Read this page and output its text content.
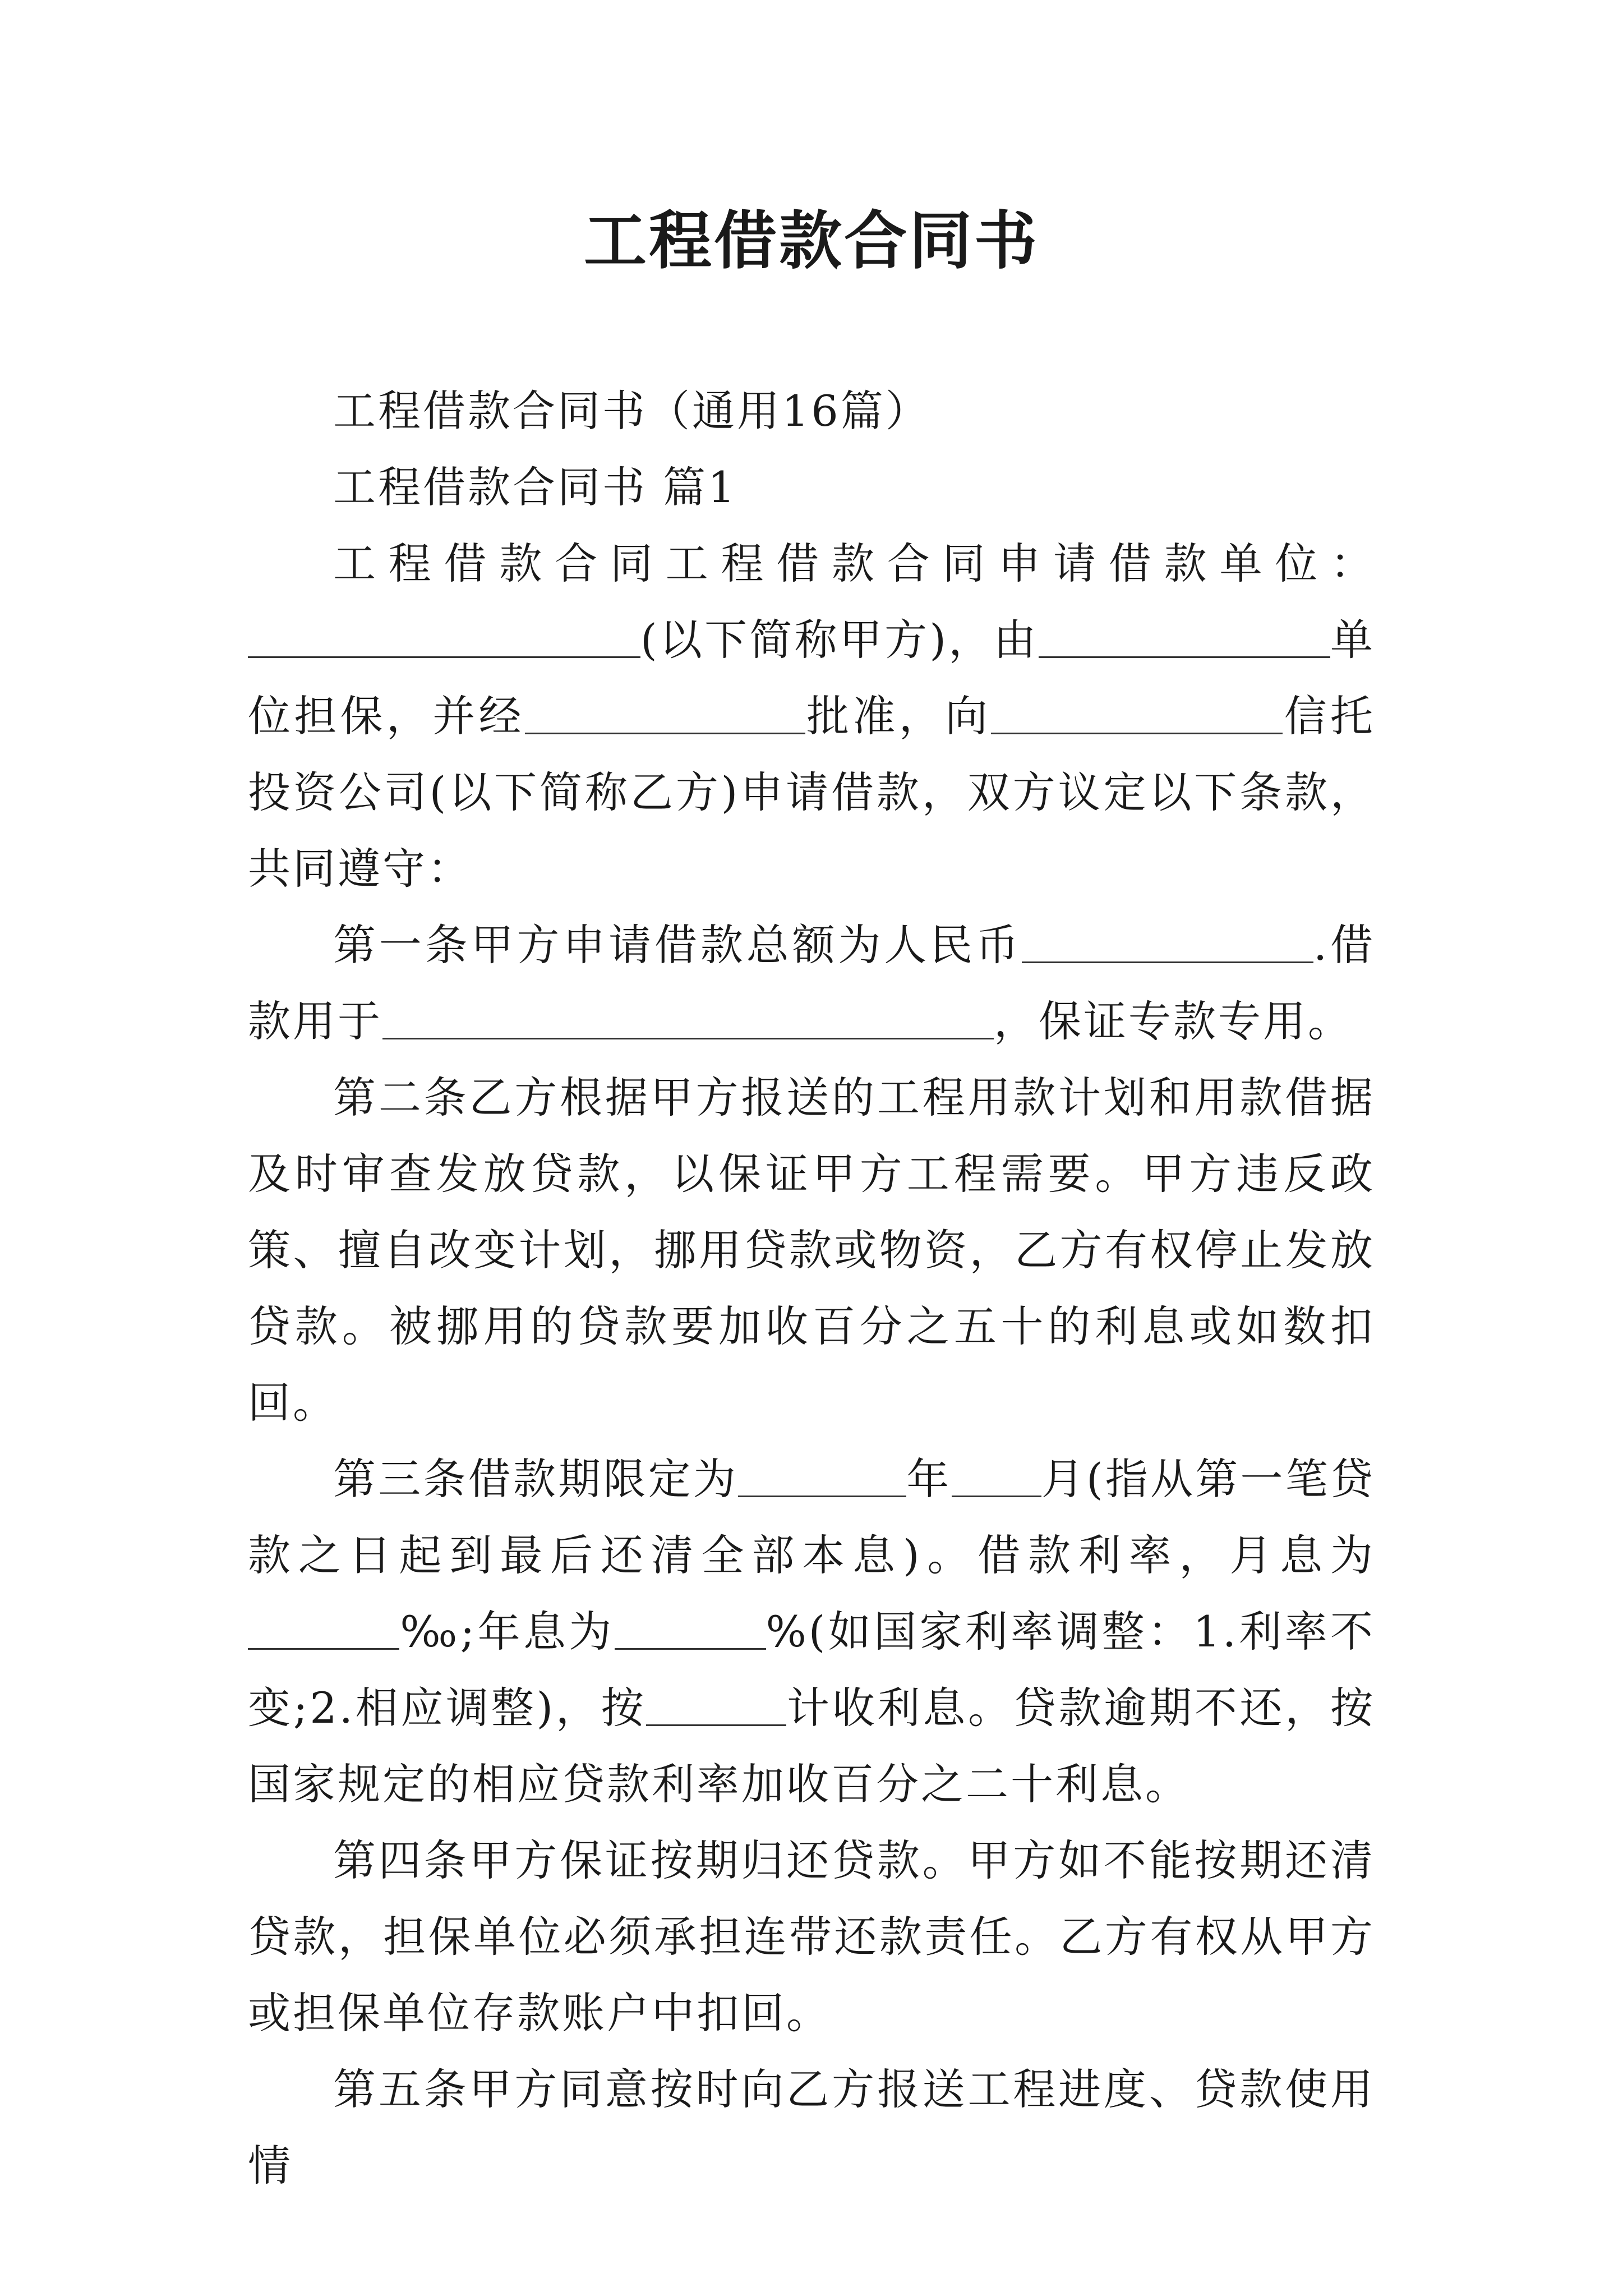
工程借款合同书

工程借款合同书（通用16篇）

工程借款合同书 篇1

工程借款合同工程借款合同申请借款单位：(以下简称甲方)，由	单位担保，并经	批准，向	信托投资公司(以下简称乙方)申请借款，双方议定以下条款，共同遵守：

第一条甲方申请借款总额为人民币	.借款用于	，保证专款专用。

第二条乙方根据甲方报送的工程用款计划和用款借据及时审查发放贷款，以保证甲方工程需要。甲方违反政策、擅自改变计划，挪用贷款或物资，乙方有权停止发放贷款。被挪用的贷款要加收百分之五十的利息或如数扣回。

第三条借款期限定为	年 月(指从第一笔贷款之日起到最后还清全部本息)。借款利率，月息为‰;年息为	%(如国家利率调整：1.利率不变;2.相应调整)，按	计收利息。贷款逾期不还，按国家规定的相应贷款利率加收百分之二十利息。

第四条甲方保证按期归还贷款。甲方如不能按期还清贷款，担保单位必须承担连带还款责任。乙方有权从甲方或担保单位存款账户中扣回。

第五条甲方同意按时向乙方报送工程进度、贷款使用情
